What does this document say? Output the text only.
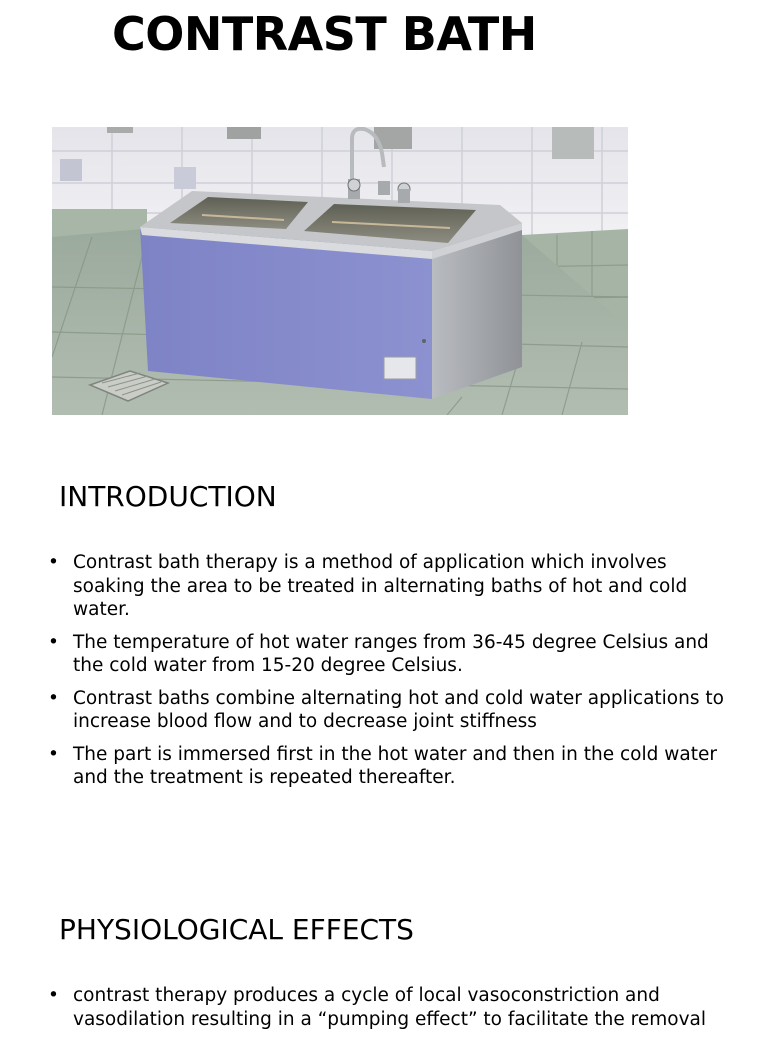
CONTRAST BATH
INTRODUCTION
• Contrast bath therapy is a method of application which involves soaking the area to be treated in alternating baths of hot and cold water.
• The temperature of hot water ranges from 36-45 degree Celsius and the cold water from 15-20 degree Celsius.
• Contrast baths combine alternating hot and cold water applications to increase blood flow and to decrease joint stiffness
• The part is immersed first in the hot water and then in the cold water and the treatment is repeated thereafter.
PHYSIOLOGICAL EFFECTS
• contrast therapy produces a cycle of local vasoconstriction and vasodilation resulting in a “pumping effect” to facilitate the removal
